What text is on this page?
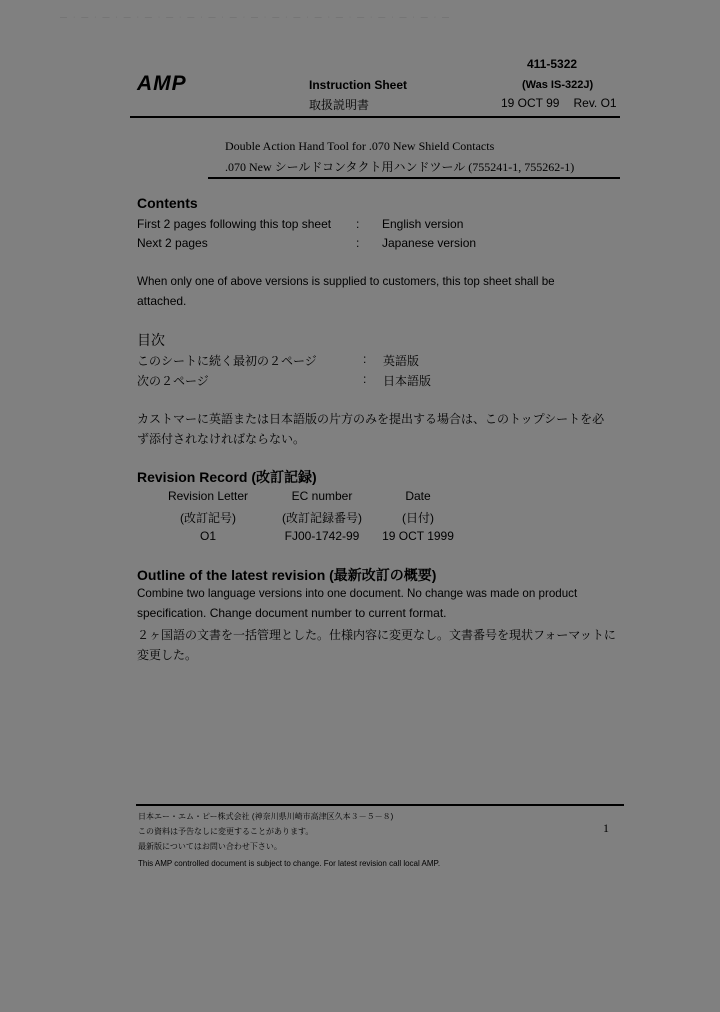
— · — · — · — · — · — · — · — · — · — · — · — · — · — · — · — · — · — · —
AMP	Instruction Sheet
取扱説明書
411-5322
(Was IS-322J)
19 OCT 99 Rev. O1
Double Action Hand Tool for .070 New Shield Contacts
.070 New シールドコンタクト用ハンドツール (755241-1, 755262-1)
Contents
First 2 pages following this top sheet : English version
Next 2 pages	: Japanese version
When only one of above versions is supplied to customers, this top sheet shall be
attached.
目次
このシートに続く最初の２ページ	: 英語版
次の２ページ	: 日本語版
カストマーに英語または日本語版の片方のみを提出する場合は、このトップシートを必
ず添付されなければならない。
Revision Record (改訂記録)
Revision Letter	EC number	Date
(改訂記号)	(改訂記録番号)	(日付)
O1	FJ00-1742-99	19 OCT 1999
Outline of the latest revision (最新改訂の概要)
Combine two language versions into one document. No change was made on product
specification. Change document number to current format.
２ヶ国語の文書を一括管理とした。仕様内容に変更なし。文書番号を現状フォーマットに
変更した。
日本エー・エム・ピー株式会社 (神奈川県川崎市高津区久本３－５－８)
この資料は予告なしに変更することがあります。
最新版についてはお問い合わせ下さい。
1
This AMP controlled document is subject to change. For latest revision call local AMP.
